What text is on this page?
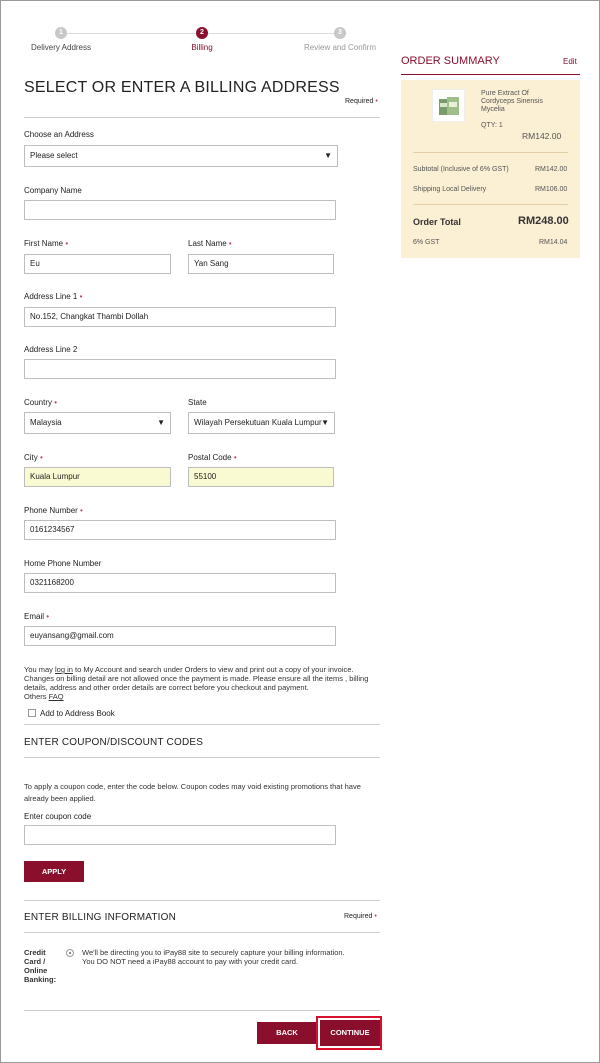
1
Delivery Address
2
Billing
3
Review and Confirm
SELECT OR ENTER A BILLING ADDRESS
Required •
Choose an Address
Please select	▼
Company Name
First Name •
Eu
Last Name •
Yan Sang
Address Line 1 •
No.152, Changkat Thambi Dollah
Address Line 2
Country •
Malaysia	▼
State
Wilayah Persekutuan Kuala Lumpur ▼
City •
Kuala Lumpur
Postal Code •
55100
Phone Number •
0161234567
Home Phone Number
0321168200
Email •
euyansang@gmail.com
You may log in to My Account and search under Orders to view and print out a copy of your invoice.
Changes on billing detail are not allowed once the payment is made. Please ensure all the items , billing
details, address and other order details are correct before you checkout and payment.
Others FAQ
Add to Address Book
ENTER COUPON/DISCOUNT CODES
To apply a coupon code, enter the code below. Coupon codes may void existing promotions that have
already been applied.
Enter coupon code
APPLY
ENTER BILLING INFORMATION	Required •
Credit
Card /
Online
Banking:
We'll be directing you to iPay88 site to securely capture your billing information.
You DO NOT need a iPay88 account to pay with your credit card.
BACK	CONTINUE
ORDER SUMMARY	Edit
Pure Extract Of
Cordyceps Sinensis
Mycelia
QTY: 1
RM142.00
Subtotal (Inclusive of 6% GST)	RM142.00
Shipping Local Delivery	RM106.00
Order Total	RM248.00
6% GST	RM14.04
